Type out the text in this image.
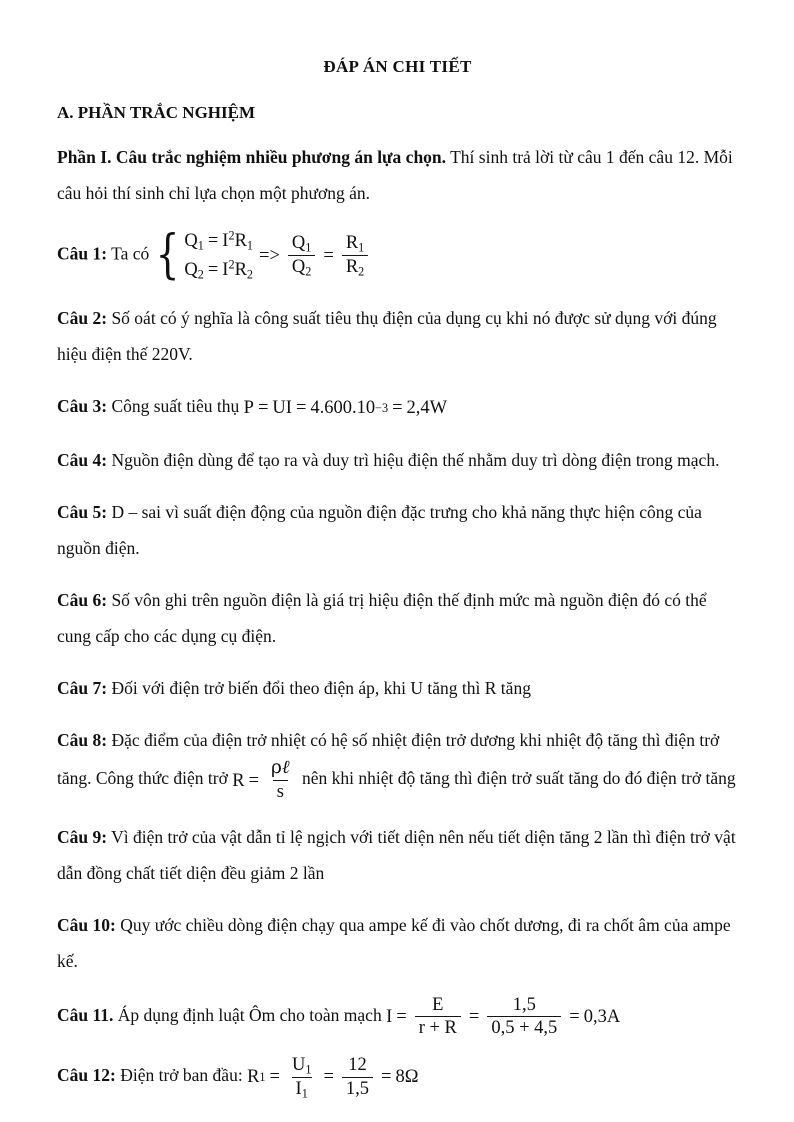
ĐÁP ÁN CHI TIẾT
A. PHẦN TRẮC NGHIỆM

Phần I. Câu trắc nghiệm nhiều phương án lựa chọn. Thí sinh trả lời từ câu 1 đến câu 12. Mỗi câu hỏi thí sinh chỉ lựa chọn một phương án.

Câu 1: Ta có { $Q_1 = I^2R_1$
$Q_2 = I^2R_2$
=> $\frac{Q_1}{Q_2} = \frac{R_1}{R_2}$

Câu 2: Số oát có ý nghĩa là công suất tiêu thụ điện của dụng cụ khi nó được sử dụng với đúng hiệu điện thế 220V.

Câu 3: Công suất tiêu thụ P = UI = 4.600.10 −3 = 2,4W

Câu 4: Nguồn điện dùng để tạo ra và duy trì hiệu điện thế nhằm duy trì dòng điện trong mạch.

Câu 5: D – sai vì suất điện động của nguồn điện đặc trưng cho khả năng thực hiện công của nguồn điện.

Câu 6: Số vôn ghi trên nguồn điện là giá trị hiệu điện thế định mức mà nguồn điện đó có thể cung cấp cho các dụng cụ điện.

Câu 7: Đối với điện trở biến đổi theo điện áp, khi U tăng thì R tăng

Câu 8: Đặc điểm của điện trở nhiệt có hệ số nhiệt điện trở dương khi nhiệt độ tăng thì điện trở tăng. Công thức điện trở $R = \frac{\text{ρℓ}}{s}$ nên khi nhiệt độ tăng thì điện trở suất tăng do đó điện trở tăng

Câu 9: Vì điện trở của vật dẫn tỉ lệ ngịch với tiết diện nên nếu tiết diện tăng 2 lần thì điện trở vật dẫn đồng chất tiết diện đều giảm 2 lần

Câu 10: Quy ước chiều dòng điện chạy qua ampe kế đi vào chốt dương, đi ra chốt âm của ampe kế.

Câu 11. Áp dụng định luật Ôm cho toàn mạch $I = \frac{E}{r + R} = \frac{1,5}{0,5 + 4,5} = 0,3A$

Câu 12: Điện trở ban đầu: R $1 = \frac{U_1}{I_1} = \frac{12}{1,5} = 8\Omega$
